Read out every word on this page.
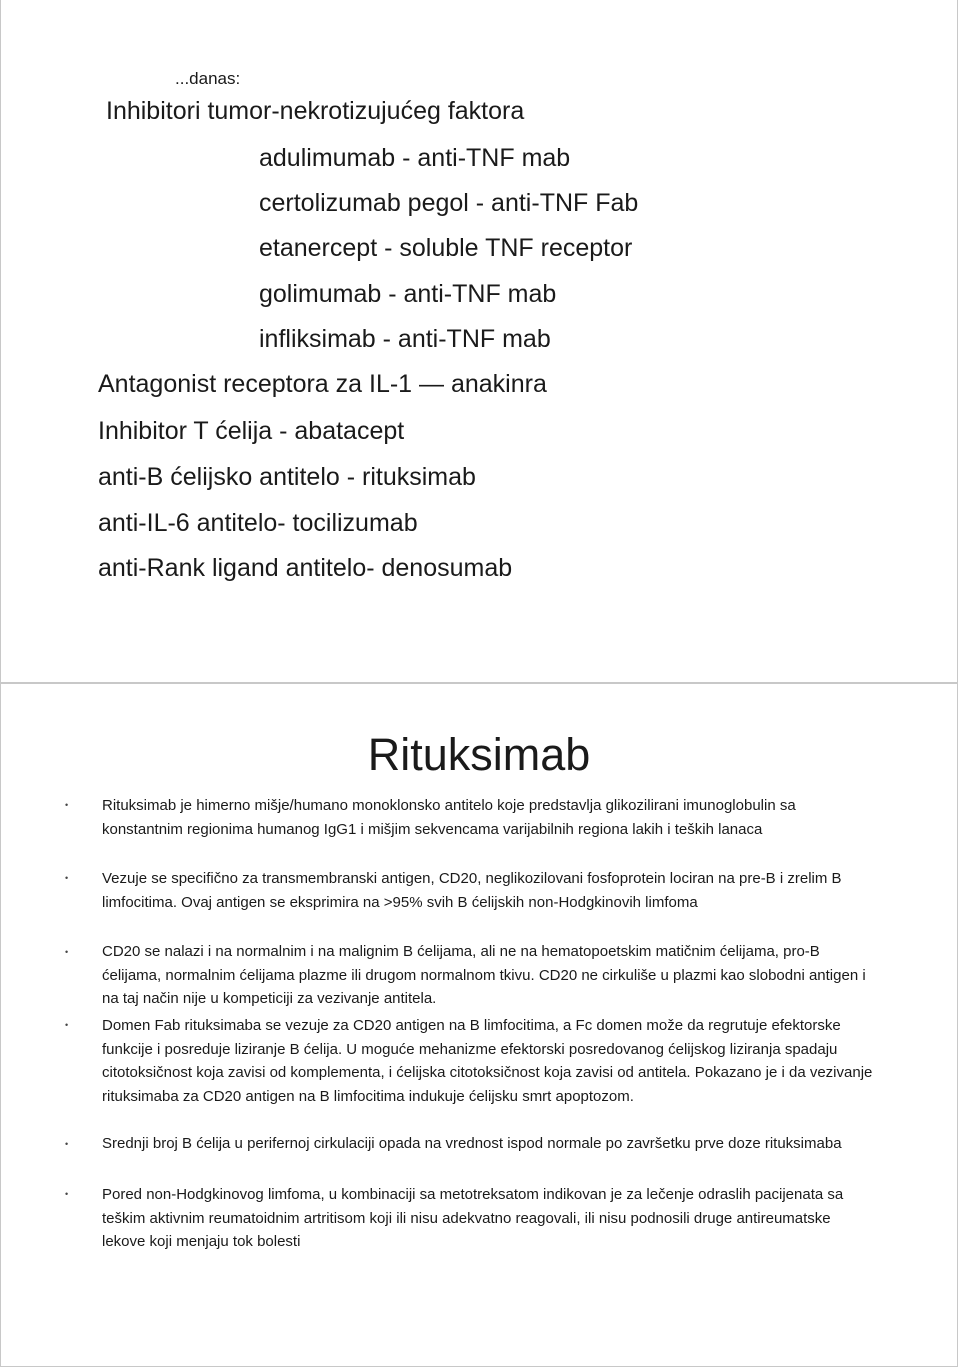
...danas:
Inhibitori tumor-nekrotizujućeg faktora
adulimumab - anti-TNF mab
certolizumab pegol - anti-TNF Fab
etanercept - soluble TNF receptor
golimumab - anti-TNF mab
infliksimab - anti-TNF mab
Antagonist receptora za IL-1 — anakinra
Inhibitor T ćelija - abatacept
anti-B ćelijsko antitelo - rituksimab
anti-IL-6 antitelo- tocilizumab
anti-Rank ligand antitelo- denosumab
Rituksimab
• Rituksimab je himerno mišje/humano monoklonsko antitelo koje predstavlja glikozilirani imunoglobulin sa konstantnim regionima humanog IgG1 i mišjim sekvencama varijabilnih regiona lakih i teških lanaca
• Vezuje se specifično za transmembranski antigen, CD20, neglikozilovani fosfoprotein lociran na pre-B i zrelim B limfocitima. Ovaj antigen se eksprimira na >95% svih B ćelijskih non-Hodgkinovih limfoma
• CD20 se nalazi i na normalnim i na malignim B ćelijama, ali ne na hematopoetskim matičnim ćelijama, pro-B ćelijama, normalnim ćelijama plazme ili drugom normalnom tkivu. CD20 ne cirkuliše u plazmi kao slobodni antigen i na taj način nije u kompeticiji za vezivanje antitela.
• Domen Fab rituksimaba se vezuje za CD20 antigen na B limfocitima, a Fc domen može da regrutuje efektorske funkcije i posreduje liziranje B ćelija. U moguće mehanizme efektorski posredovanog ćelijskog liziranja spadaju citotoksičnost koja zavisi od komplementa, i ćelijska citotoksičnost koja zavisi od antitela. Pokazano je i da vezivanje rituksimaba za CD20 antigen na B limfocitima indukuje ćelijsku smrt apoptozom.
• Srednji broj B ćelija u perifernoj cirkulaciji opada na vrednost ispod normale po završetku prve doze rituksimaba
• Pored non-Hodgkinovog limfoma, u kombinaciji sa metotreksatom indikovan je za lečenje odraslih pacijenata sa teškim aktivnim reumatoidnim artritisom koji ili nisu adekvatno reagovali, ili nisu podnosili druge antireumatske lekove koji menjaju tok bolesti
